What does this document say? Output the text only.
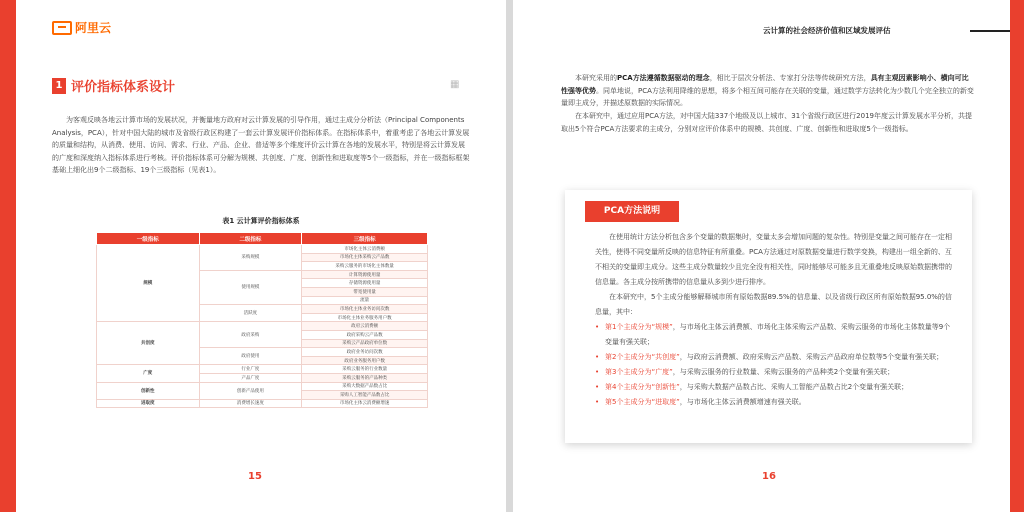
阿里云
1 评价指标体系设计	▦
为客观反映各地云计算市场的发展状况，并衡量地方政府对云计算发展的引导作用，通过主成分分析法（Principal Components Analysis，PCA），针对中国大陆的城市及省级行政区构建了一套云计算发展评价指标体系。在指标体系中，着重考虑了各地云计算发展的质量和结构，从消费、使用、访问、需求、行业、产品、企业、普适等多个维度评价云计算在各地的发展水平，特别是将云计算发展的广度和深度纳入指标体系进行考核。评价指标体系可分解为规模、共创度、广度、创新性和进取度等5个一级指标，并在一级指标框架基础上细化出9个二级指标、19个三级指标（见表1）。
表1 云计算评价指标体系
一级指标	二级指标	三级指标
规模	采购规模	市场化主体云消费额
		市场化主体采购云产品数
		采购云服务的市场化主体数量
	使用规模	计算资源使用量
		存储资源使用量
		带宽使用量
		流量
	活跃度	市场化主体业务访问次数
		市场化主体业务服务用户数
共创度	政府采购	政府云消费额
		政府采购云产品数
		采购云产品政府单位数
	政府使用	政府业务访问次数
		政府业务服务用户数
广度	行业广度	采购云服务的行业数量
	产品广度	采购云服务的产品种类
创新性	创新产品使用	采购大数据产品数占比
		采购人工智能产品数占比
进取度	消费增长速度	市场化主体云消费额增速
15
云计算的社会经济价值和区域发展评估

本研究采用的PCA方法遵循数据驱动的理念，相比于层次分析法、专家打分法等传统研究方法，具有主观因素影响小、横向可比性强等优势。同单地说，PCA方法利用降维的思想，将多个相互间可能存在关联的变量，通过数学方法转化为少数几个完全独立的新变量即主成分，并描述原数据的实际情况。

在本研究中，通过应用PCA方法，对中国大陆337个地级及以上城市、31个省级行政区进行2019年度云计算发展水平分析，共提取出5个符合PCA方法要求的主成分，分别对应评价体系中的规模、共创度、广度、创新性和进取度5个一级指标。

PCA方法说明

在使用统计方法分析包含多个变量的数据集时，变量太多会增加问题的复杂性。特别是变量之间可能存在一定相关性，使得不同变量所反映的信息特征有所重叠。PCA方法通过对原数据变量进行数学变换，构建出一组全新的、互不相关的变量即主成分。这些主成分数量较少且完全没有相关性，同时能够尽可能多且无重叠地反映原始数据携带的信息量。各主成分按所携带的信息量从多到少进行排序。

在本研究中，5个主成分能够解释城市所有原始数据89.5%的信息量、以及省级行政区所有原始数据95.0%的信息量，其中：

• 第1个主成分为“规模”，与市场化主体云消费额、市场化主体采购云产品数、采购云服务的市场化主体数量等9个变量有强关联；
• 第2个主成分为“共创度”，与政府云消费额、政府采购云产品数、采购云产品政府单位数等5个变量有强关联；
• 第3个主成分为“广度”，与采购云服务的行业数量、采购云服务的产品种类2个变量有强关联；
• 第4个主成分为“创新性”，与采购大数据产品数占比、采购人工智能产品数占比2个变量有强关联；
• 第5个主成分为“进取度”，与市场化主体云消费额增速有强关联。
16
